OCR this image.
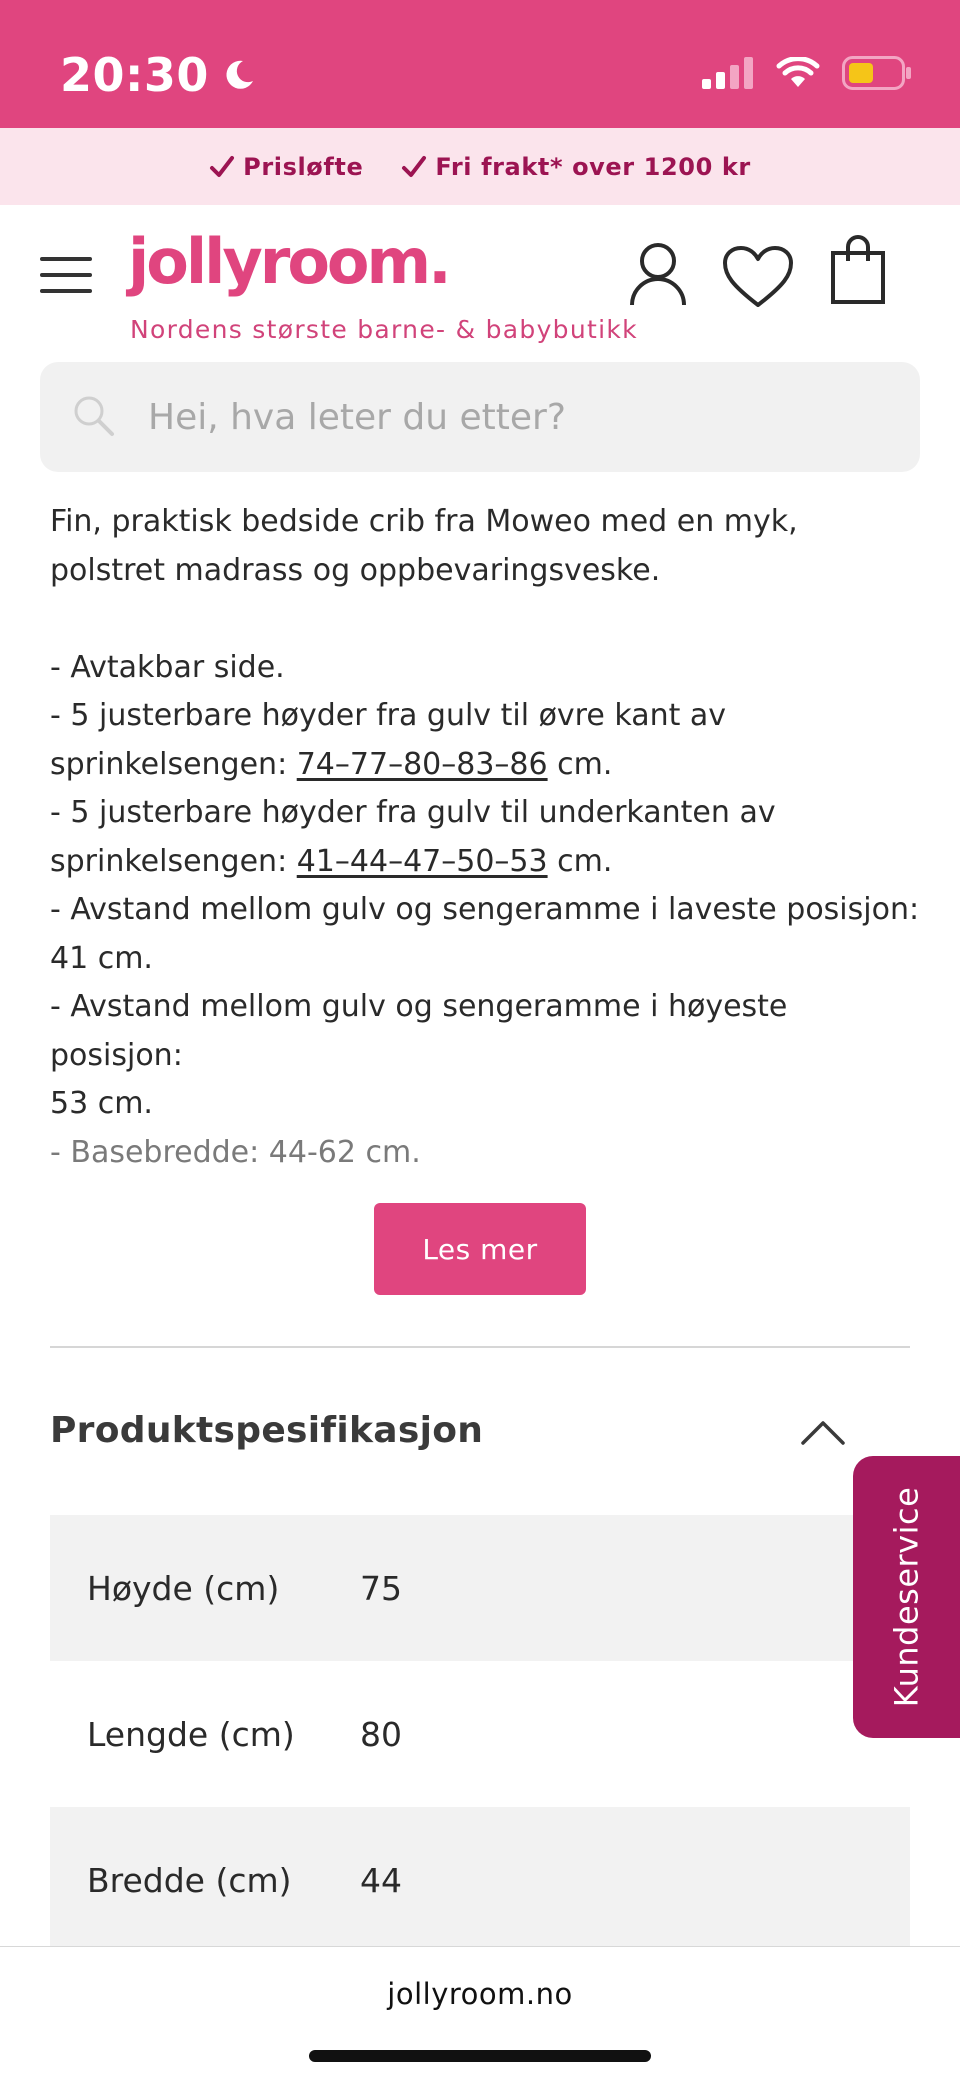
20:30
Prisløfte	Fri frakt* over 1200 kr
jollyroom.
Nordens største barne- & babybutikk
Hei, hva leter du etter?

Fin, praktisk bedside crib fra Moweo med en myk,

polstret madrass og oppbevaringsveske.

- Avtakbar side.

- 5 justerbare høyder fra gulv til øvre kant av

sprinkelsengen: 74–77–80–83–86 cm.

- 5 justerbare høyder fra gulv til underkanten av

sprinkelsengen: 41–44–47–50–53 cm.

- Avstand mellom gulv og sengeramme i laveste posisjon:

41 cm.

- Avstand mellom gulv og sengeramme i høyeste posisjon:

53 cm.

- Basebredde: 44-62 cm.

Les mer
Produktspesifikasjon
Høyde (cm)	75
Lengde (cm)	80
Bredde (cm)	44
Kundeservice
jollyroom.no
